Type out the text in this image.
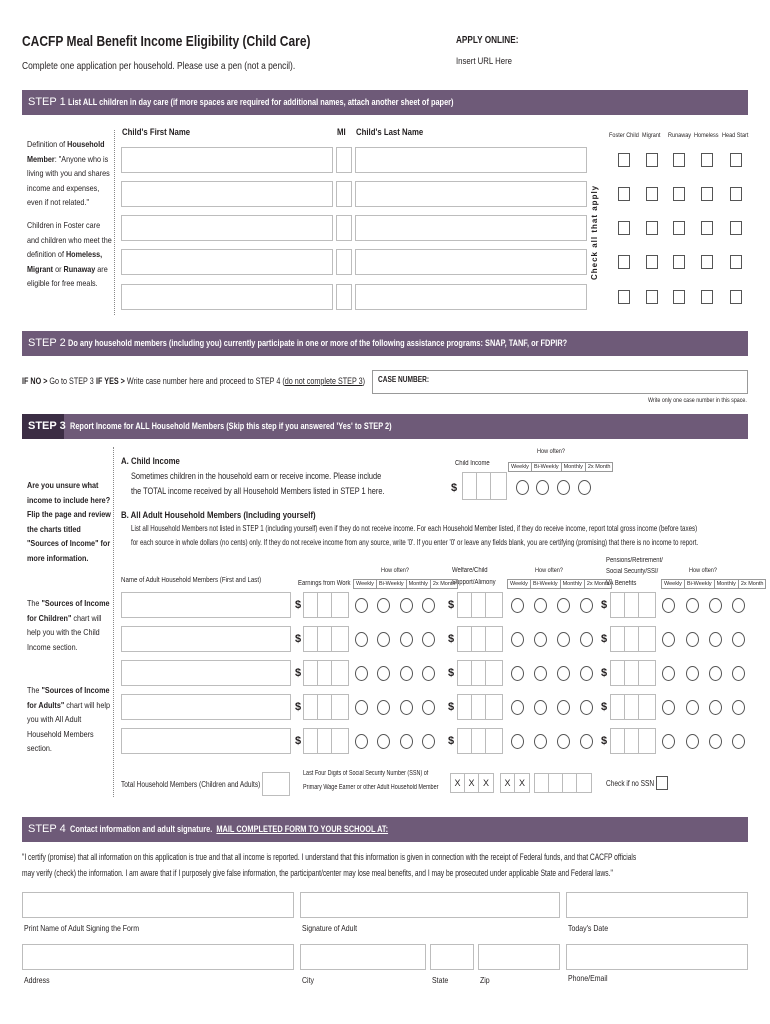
CACFP Meal Benefit Income Eligibility (Child Care)
Complete one application per household. Please use a pen (not a pencil).
APPLY ONLINE:
Insert URL Here
STEP 1 List ALL children in day care (if more spaces are required for additional names, attach another sheet of paper)
Definition of Household Member: "Anyone who is living with you and shares income and expenses, even if not related."
Children in Foster care and children who meet the definition of Homeless, Migrant or Runaway are eligible for free meals.
Child's First Name	MI Child's Last Name
Check all that apply
Foster Child Migrant Runaway Homeless Head Start
STEP 2 Do any household members (including you) currently participate in one or more of the following assistance programs: SNAP, TANF, or FDPIR?
IF NO > Go to STEP 3 IF YES > Write case number here and proceed to STEP 4 (do not complete STEP 3) CASE NUMBER:
Write only one case number in this space.
STEP 3 Report Income for ALL Household Members (Skip this step if you answered 'Yes' to STEP 2)
Are you unsure what income to include here? Flip the page and review the charts titled "Sources of Income" for more information.
The "Sources of Income for Children" chart will help you with the Child Income section.
The "Sources of Income for Adults" chart will help you with All Adult Household Members section.
A. Child Income
Sometimes children in the household earn or receive income. Please include
the TOTAL income received by all Household Members listed in STEP 1 here.
Child Income
How often?
Weekly Bi-Weekly Monthly 2x Month
$
B. All Adult Household Members (Including yourself)
List all Household Members not listed in STEP 1 (including yourself) even if they do not receive income. For each Household Member listed, if they do receive income, report total gross income (before taxes)
for each source in whole dollars (no cents) only. If they do not receive income from any source, write '0'. If you enter '0' or leave any fields blank, you are certifying (promising) that there is no income to report.
Pensions/Retirement/
Social Security/SSI/
VA Benefits
Welfare/Child
Support/Alimony
Name of Adult Household Members (First and Last)	Earnings from Work
How often?
Weekly Bi-Weekly Monthly 2x Month
How often?
Weekly Bi-Weekly Monthly 2x Month
How often?
Weekly Bi-Weekly Monthly 2x Month
$	$	$
$	$	$
$	$	$
$	$	$
$	$	$
Total Household Members (Children and Adults)
Last Four Digits of Social Security Number (SSN) of
Primary Wage Earner or other Adult Household Member	X X X	X X	Check if no SSN
STEP 4 Contact information and adult signature. MAIL COMPLETED FORM TO YOUR SCHOOL AT:
"I certify (promise) that all information on this application is true and that all income is reported. I understand that this information is given in connection with the receipt of Federal funds, and that CACFP officials
may verify (check) the information. I am aware that if I purposely give false information, the participant/center may lose meal benefits, and I may be prosecuted under applicable State and Federal laws."
Print Name of Adult Signing the Form	Signature of Adult	Today's Date
Address	City	State	Zip	Phone/Email
